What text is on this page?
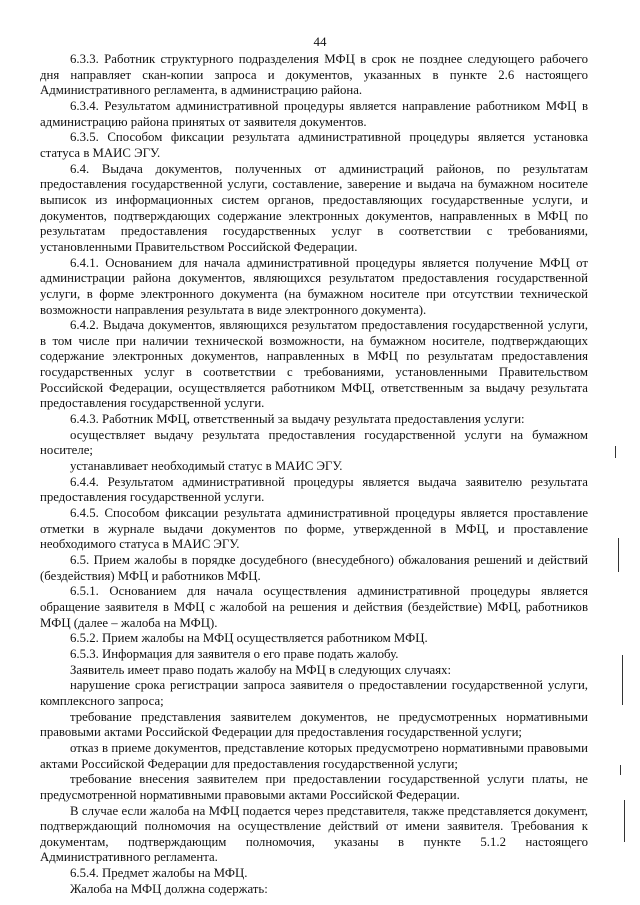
44

6.3.3. Работник структурного подразделения МФЦ в срок не позднее следующего рабочего дня направляет скан-копии запроса и документов, указанных в пункте 2.6 настоящего Административного регламента, в администрацию района.

6.3.4. Результатом административной процедуры является направление работником МФЦ в администрацию района принятых от заявителя документов.

6.3.5. Способом фиксации результата административной процедуры является установка статуса в МАИС ЭГУ.

6.4. Выдача документов, полученных от администраций районов, по результатам предоставления государственной услуги, составление, заверение и выдача на бумажном носителе выписок из информационных систем органов, предоставляющих государственные услуги, и документов, подтверждающих содержание электронных документов, направленных в МФЦ по результатам предоставления государственных услуг в соответствии с требованиями, установленными Правительством Российской Федерации.

6.4.1. Основанием для начала административной процедуры является получение МФЦ от администрации района документов, являющихся результатом предоставления государственной услуги, в форме электронного документа (на бумажном носителе при отсутствии технической возможности направления результата в виде электронного документа).

6.4.2. Выдача документов, являющихся результатом предоставления государственной услуги, в том числе при наличии технической возможности, на бумажном носителе, подтверждающих содержание электронных документов, направленных в МФЦ по результатам предоставления государственных услуг в соответствии с требованиями, установленными Правительством Российской Федерации, осуществляется работником МФЦ, ответственным за выдачу результата предоставления государственной услуги.

6.4.3. Работник МФЦ, ответственный за выдачу результата предоставления услуги:

осуществляет выдачу результата предоставления государственной услуги на бумажном носителе;

устанавливает необходимый статус в МАИС ЭГУ.

6.4.4. Результатом административной процедуры является выдача заявителю результата предоставления государственной услуги.

6.4.5. Способом фиксации результата административной процедуры является проставление отметки в журнале выдачи документов по форме, утвержденной в МФЦ, и проставление необходимого статуса в МАИС ЭГУ.

6.5. Прием жалобы в порядке досудебного (внесудебного) обжалования решений и действий (бездействия) МФЦ и работников МФЦ.

6.5.1. Основанием для начала осуществления административной процедуры является обращение заявителя в МФЦ с жалобой на решения и действия (бездействие) МФЦ, работников МФЦ (далее – жалоба на МФЦ).

6.5.2. Прием жалобы на МФЦ осуществляется работником МФЦ.

6.5.3. Информация для заявителя о его праве подать жалобу.

Заявитель имеет право подать жалобу на МФЦ в следующих случаях:

нарушение срока регистрации запроса заявителя о предоставлении государственной услуги, комплексного запроса;

требование представления заявителем документов, не предусмотренных нормативными правовыми актами Российской Федерации для предоставления государственной услуги;

отказ в приеме документов, представление которых предусмотрено нормативными правовыми актами Российской Федерации для предоставления государственной услуги;

требование внесения заявителем при предоставлении государственной услуги платы, не предусмотренной нормативными правовыми актами Российской Федерации.

В случае если жалоба на МФЦ подается через представителя, также представляется документ, подтверждающий полномочия на осуществление действий от имени заявителя. Требования к документам, подтверждающим полномочия, указаны в пункте 5.1.2 настоящего Административного регламента.

6.5.4. Предмет жалобы на МФЦ.

Жалоба на МФЦ должна содержать:
